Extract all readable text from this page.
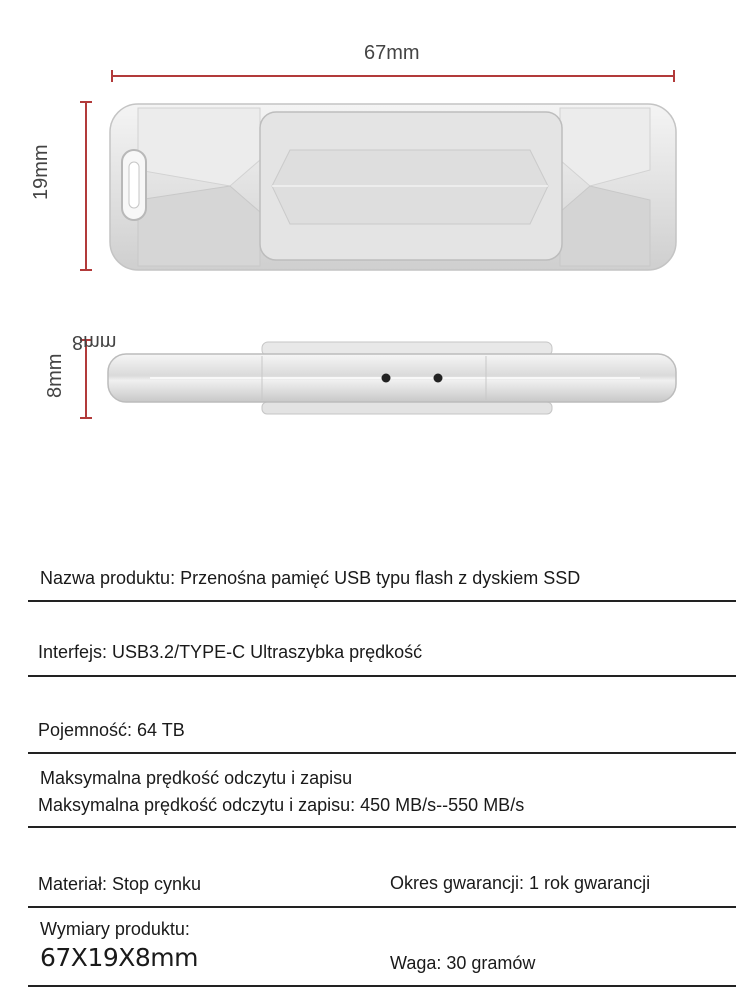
67mm
19mm
8mm
8mm
Nazwa produktu: Przenośna pamięć USB typu flash z dyskiem SSD
Interfejs: USB3.2/TYPE-C Ultraszybka prędkość
Pojemność: 64 TB
Maksymalna prędkość odczytu i zapisu
Maksymalna prędkość odczytu i zapisu: 450 MB/s--550 MB/s
Materiał: Stop cynku	Okres gwarancji: 1 rok gwarancji
Wymiary produktu:
67X19X8mm	Waga: 30 gramów
